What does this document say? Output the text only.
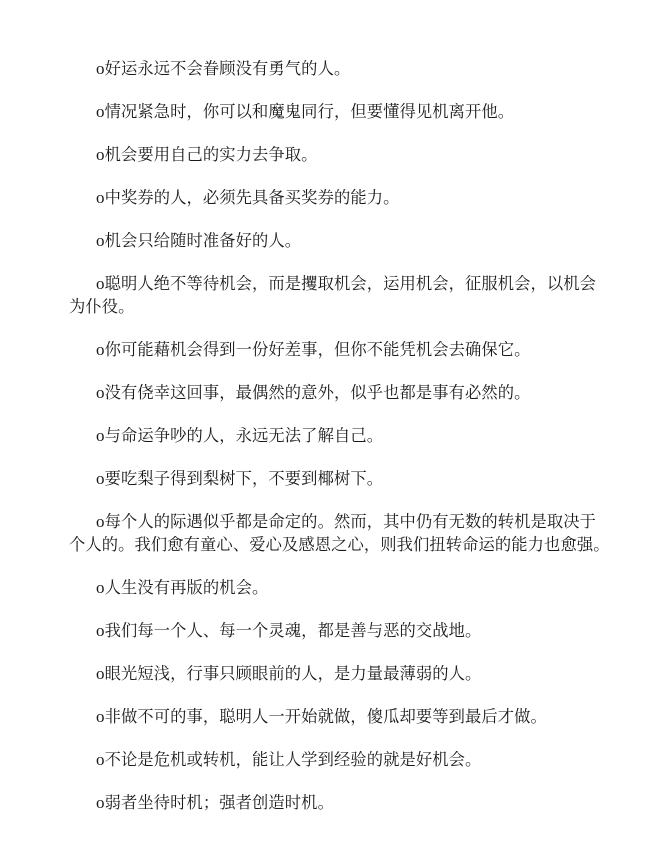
o好运永远不会眷顾没有勇气的人。

o情况紧急时，你可以和魔鬼同行，但要懂得见机离开他。

o机会要用自己的实力去争取。

o中奖券的人，必须先具备买奖券的能力。

o机会只给随时准备好的人。

o聪明人绝不等待机会，而是攫取机会，运用机会，征服机会，以机会为仆役。

o你可能藉机会得到一份好差事，但你不能凭机会去确保它。

o没有侥幸这回事，最偶然的意外，似乎也都是事有必然的。

o与命运争吵的人，永远无法了解自己。

o要吃梨子得到梨树下，不要到椰树下。

o每个人的际遇似乎都是命定的。然而，其中仍有无数的转机是取决于个人的。我们愈有童心、爱心及感恩之心，则我们扭转命运的能力也愈强。

o人生没有再版的机会。

o我们每一个人、每一个灵魂，都是善与恶的交战地。

o眼光短浅，行事只顾眼前的人，是力量最薄弱的人。

o非做不可的事，聪明人一开始就做，傻瓜却要等到最后才做。

o不论是危机或转机，能让人学到经验的就是好机会。

o弱者坐待时机；强者创造时机。
